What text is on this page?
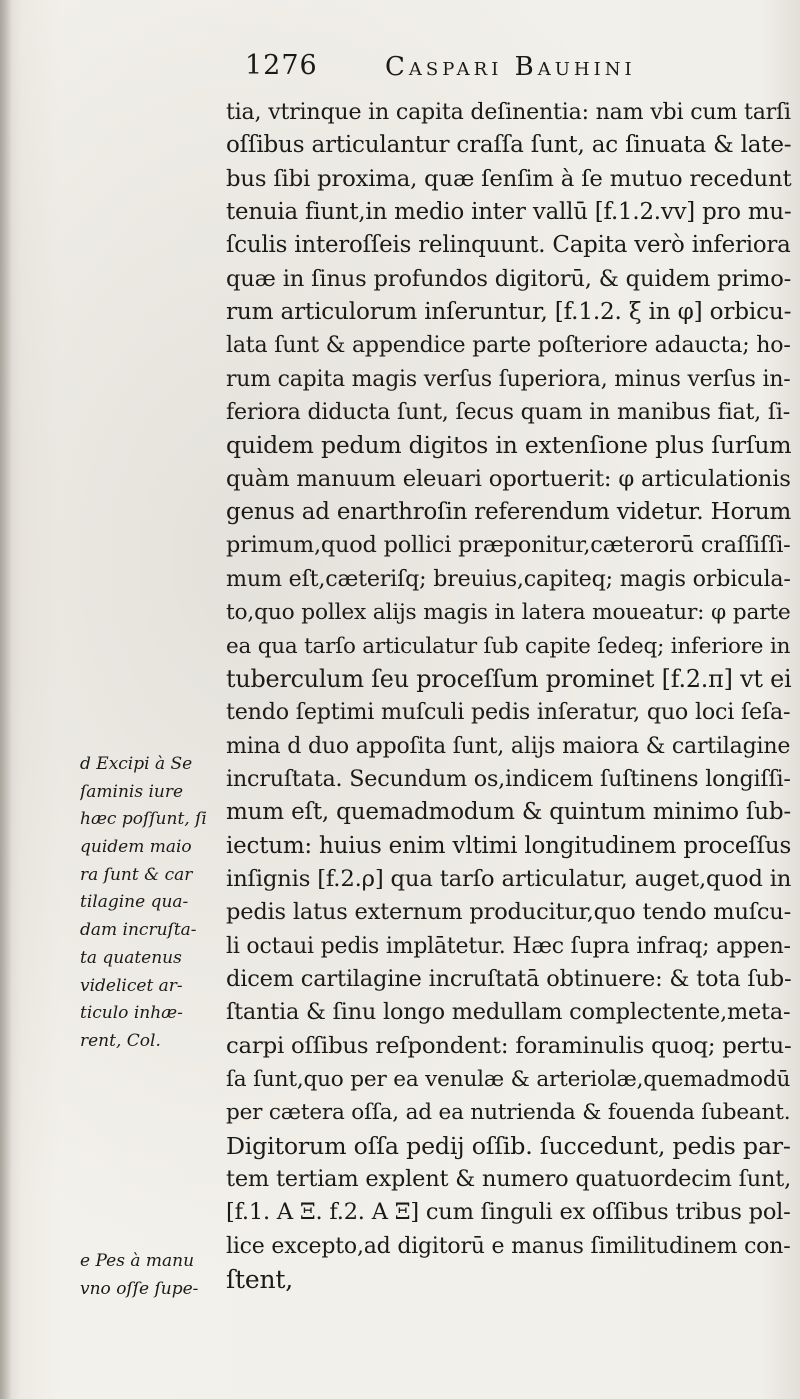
1276	Caspari Bauhini
tia, vtrinque in capita deſinentia: nam vbi cum tarſi
oſſibus articulantur craſſa ſunt, ac ſinuata & late-
bus ſibi proxima, quæ ſenſim à ſe mutuo recedunt
tenuia fiunt,in medio inter vallū [f.1.2.vv] pro mu-
ſculis interoſſeis relinquunt. Capita verò inferiora
quæ in ſinus profundos digitorū, & quidem primo-
rum articulorum inſeruntur, [f.1.2. ξ in φ] orbicu-
lata ſunt & appendice parte poſteriore adaucta; ho-
rum capita magis verſus ſuperiora, minus verſus in-
feriora diducta ſunt, ſecus quam in manibus fiat, ſi-
quidem pedum digitos in extenſione plus ſurſum
quàm manuum eleuari oportuerit: φ articulationis
genus ad enarthroſin referendum videtur. Horum
primum,quod pollici præponitur,cæterorū craſſiſſi-
mum eſt,cæteriſq; breuius,capiteq; magis orbicula-
to,quo pollex alijs magis in latera moueatur: φ parte
ea qua tarſo articulatur ſub capite ſedeq; inferiore in
tuberculum ſeu proceſſum prominet [f.2.π] vt ei
tendo ſeptimi muſculi pedis inſeratur, quo loci ſeſa-
mina d duo appoſita ſunt, alijs maiora & cartilagine
incruſtata. Secundum os,indicem ſuſtinens longiſſi-
mum eſt, quemadmodum & quintum minimo ſub-
iectum: huius enim vltimi longitudinem proceſſus
inſignis [f.2.ρ] qua tarſo articulatur, auget,quod in
pedis latus externum producitur,quo tendo muſcu-
li octaui pedis implātetur. Hæc ſupra infraq; appen-
dicem cartilagine incruſtatā obtinuere: & tota ſub-
ſtantia & ſinu longo medullam complectente,meta-
carpi oſſibus reſpondent: foraminulis quoq; pertu-
ſa ſunt,quo per ea venulæ & arteriolæ,quemadmodū
per cætera oſſa, ad ea nutrienda & fouenda ſubeant.
Digitorum oſſa pedij oſſib. ſuccedunt, pedis par-
tem tertiam explent & numero quatuordecim ſunt,
[f.1. Α Ξ. f.2. Α Ξ] cum ſinguli ex oſſibus tribus pol-
lice excepto,ad digitorū e manus ſimilitudinem con-
ſtent,
d Excipi à Se
ſaminis iure
hæc poſſunt, ſi
quidem maio
ra ſunt & car
tilagine qua-
dam incruſta-
ta quatenus
videlicet ar-
ticulo inhæ-
rent, Col.
e Pes à manu
vno oſſe ſupe-
